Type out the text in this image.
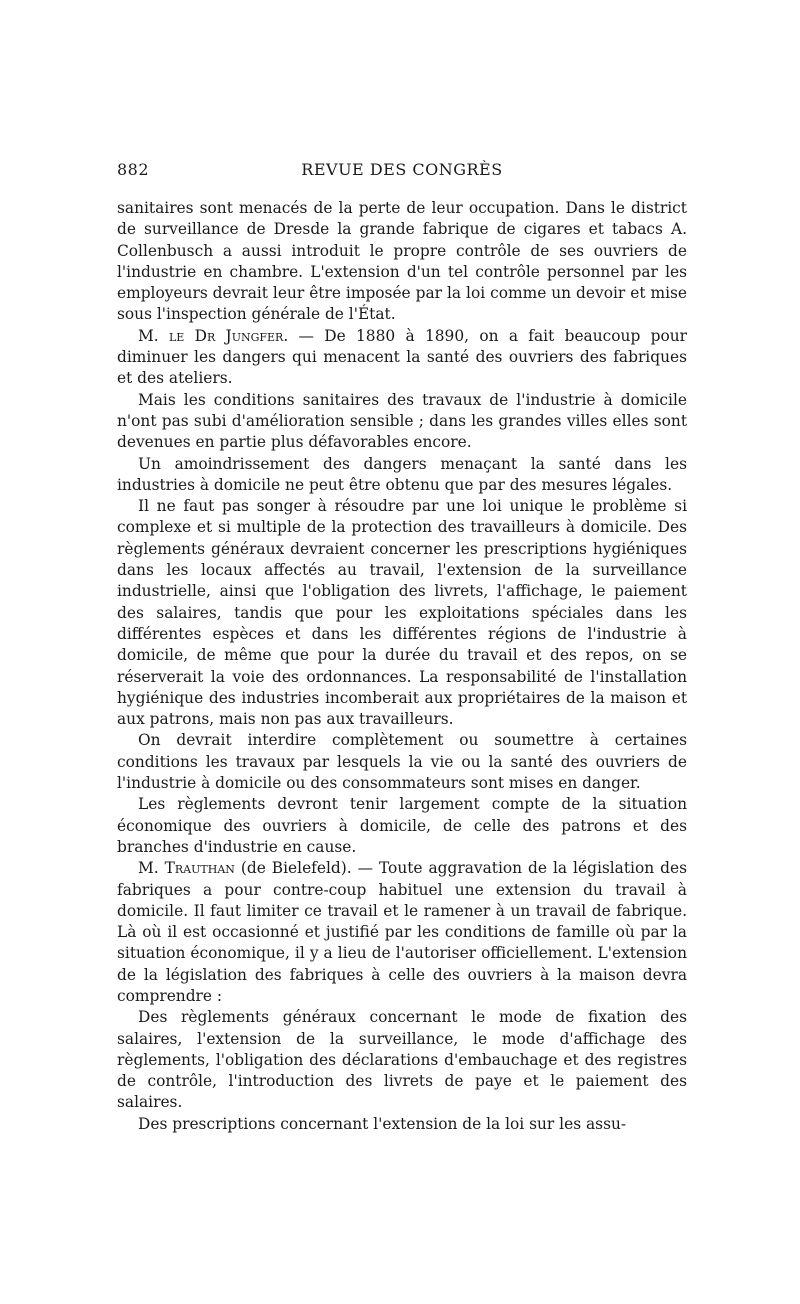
882	REVUE DES CONGRÈS

sanitaires sont menacés de la perte de leur occupation. Dans le district de surveillance de Dresde la grande fabrique de cigares et tabacs A. Collenbusch a aussi introduit le propre contrôle de ses ouvriers de l'industrie en chambre. L'extension d'un tel contrôle personnel par les employeurs devrait leur être imposée par la loi comme un devoir et mise sous l'inspection générale de l'État.

M. le Dr Jungfer. — De 1880 à 1890, on a fait beaucoup pour diminuer les dangers qui menacent la santé des ouvriers des fabriques et des ateliers.

Mais les conditions sanitaires des travaux de l'industrie à domicile n'ont pas subi d'amélioration sensible ; dans les grandes villes elles sont devenues en partie plus défavorables encore.

Un amoindrissement des dangers menaçant la santé dans les industries à domicile ne peut être obtenu que par des mesures légales.

Il ne faut pas songer à résoudre par une loi unique le problème si complexe et si multiple de la protection des travailleurs à domicile. Des règlements généraux devraient concerner les prescriptions hygiéniques dans les locaux affectés au travail, l'extension de la surveillance industrielle, ainsi que l'obligation des livrets, l'affichage, le paiement des salaires, tandis que pour les exploitations spéciales dans les différentes espèces et dans les différentes régions de l'industrie à domicile, de même que pour la durée du travail et des repos, on se réserverait la voie des ordonnances. La responsabilité de l'installation hygiénique des industries incomberait aux propriétaires de la maison et aux patrons, mais non pas aux travailleurs.

On devrait interdire complètement ou soumettre à certaines conditions les travaux par lesquels la vie ou la santé des ouvriers de l'industrie à domicile ou des consommateurs sont mises en danger.

Les règlements devront tenir largement compte de la situation économique des ouvriers à domicile, de celle des patrons et des branches d'industrie en cause.

M. Trauthan (de Bielefeld). — Toute aggravation de la législation des fabriques a pour contre-coup habituel une extension du travail à domicile. Il faut limiter ce travail et le ramener à un travail de fabrique. Là où il est occasionné et justifié par les conditions de famille où par la situation économique, il y a lieu de l'autoriser officiellement. L'extension de la législation des fabriques à celle des ouvriers à la maison devra comprendre :

Des règlements généraux concernant le mode de fixation des salaires, l'extension de la surveillance, le mode d'affichage des règlements, l'obligation des déclarations d'embauchage et des registres de contrôle, l'introduction des livrets de paye et le paiement des salaires.

Des prescriptions concernant l'extension de la loi sur les assu-
